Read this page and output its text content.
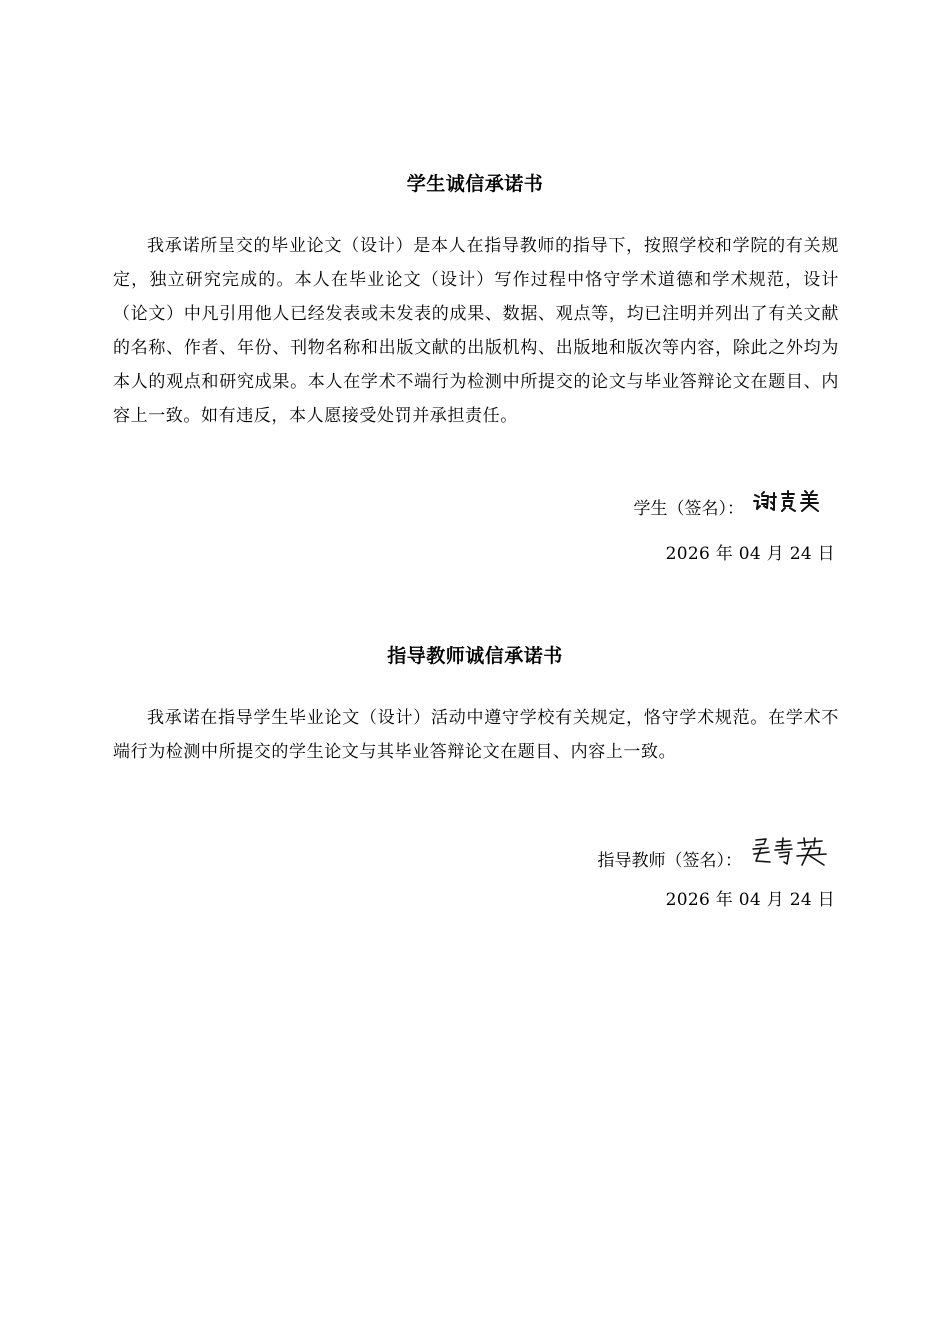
学生诚信承诺书

我承诺所呈交的毕业论文（设计）是本人在指导教师的指导下，按照学校和学院的有关规定，独立研究完成的。本人在毕业论文（设计）写作过程中恪守学术道德和学术规范，设计（论文）中凡引用他人已经发表或未发表的成果、数据、观点等，均已注明并列出了有关文献的名称、作者、年份、刊物名称和出版文献的出版机构、出版地和版次等内容，除此之外均为本人的观点和研究成果。本人在学术不端行为检测中所提交的论文与毕业答辩论文在题目、内容上一致。如有违反，本人愿接受处罚并承担责任。

学生（签名）：
2026 年 04 月 24 日
指导教师诚信承诺书

我承诺在指导学生毕业论文（设计）活动中遵守学校有关规定，恪守学术规范。在学术不端行为检测中所提交的学生论文与其毕业答辩论文在题目、内容上一致。

指导教师（签名）：
2026 年 04 月 24 日
